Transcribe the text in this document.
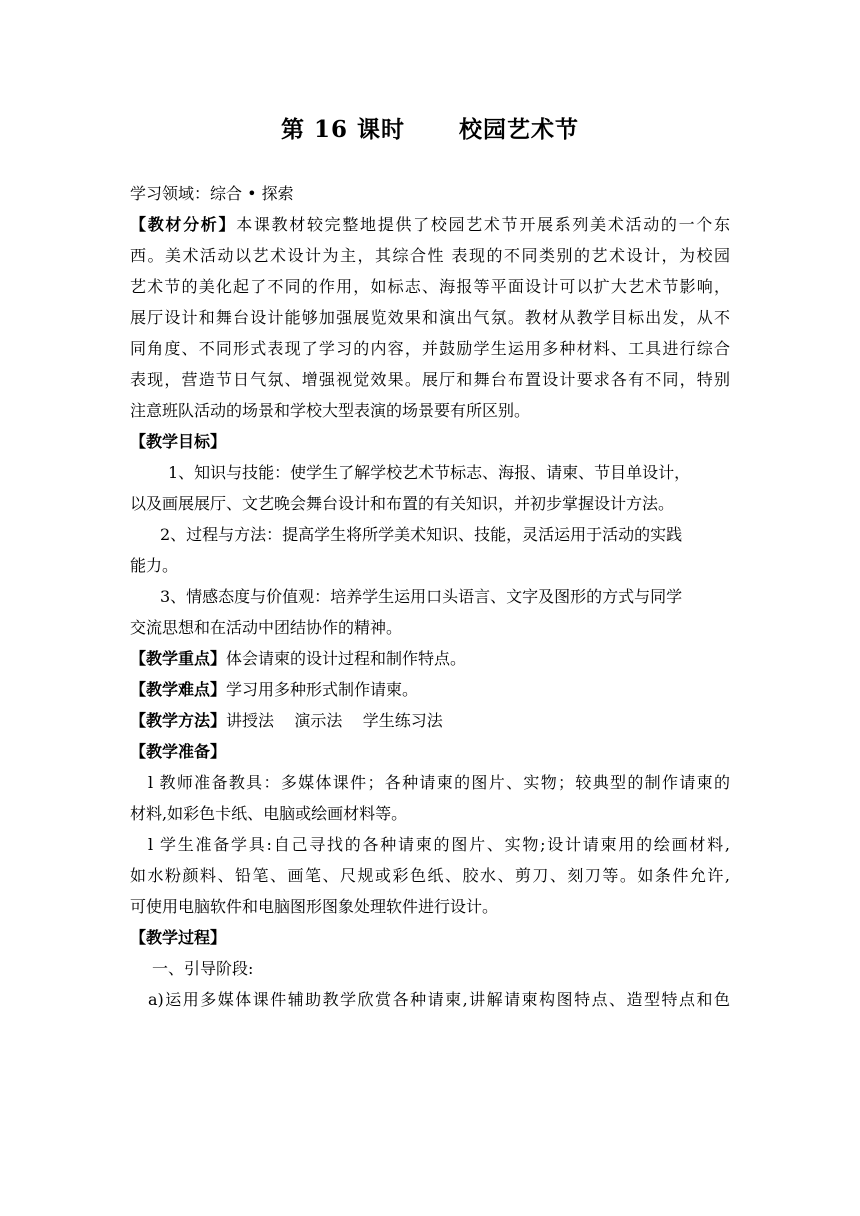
第 16 课时      校园艺术节
学习领域：综合 • 探索
【教材分析】本课教材较完整地提供了校园艺术节开展系列美术活动的一个东
西。美术活动以艺术设计为主，其综合性 表现的不同类别的艺术设计，为校园
艺术节的美化起了不同的作用，如标志、海报等平面设计可以扩大艺术节影响，
展厅设计和舞台设计能够加强展览效果和演出气氛。教材从教学目标出发，从不
同角度、不同形式表现了学习的内容，并鼓励学生运用多种材料、工具进行综合
表现，营造节日气氛、增强视觉效果。展厅和舞台布置设计要求各有不同，特别
注意班队活动的场景和学校大型表演的场景要有所区别。
【教学目标】
1、知识与技能：使学生了解学校艺术节标志、海报、请柬、节目单设计，
以及画展展厅、文艺晚会舞台设计和布置的有关知识，并初步掌握设计方法。
2、过程与方法：提高学生将所学美术知识、技能，灵活运用于活动的实践
能力。
3、情感态度与价值观：培养学生运用口头语言、文字及图形的方式与同学
交流思想和在活动中团结协作的精神。
【教学重点】体会请柬的设计过程和制作特点。
【教学难点】学习用多种形式制作请柬。
【教学方法】讲授法    演示法    学生练习法
【教学准备】
l 教师准备教具：多媒体课件；各种请柬的图片、实物；较典型的制作请柬的
材料,如彩色卡纸、电脑或绘画材料等。
l 学生准备学具:自己寻找的各种请柬的图片、实物;设计请柬用的绘画材料,
如水粉颜料、铅笔、画笔、尺规或彩色纸、胶水、剪刀、刻刀等。如条件允许,
可使用电脑软件和电脑图形图象处理软件进行设计。
【教学过程】
一、引导阶段:
a)运用多媒体课件辅助教学欣赏各种请柬,讲解请柬构图特点、造型特点和色
